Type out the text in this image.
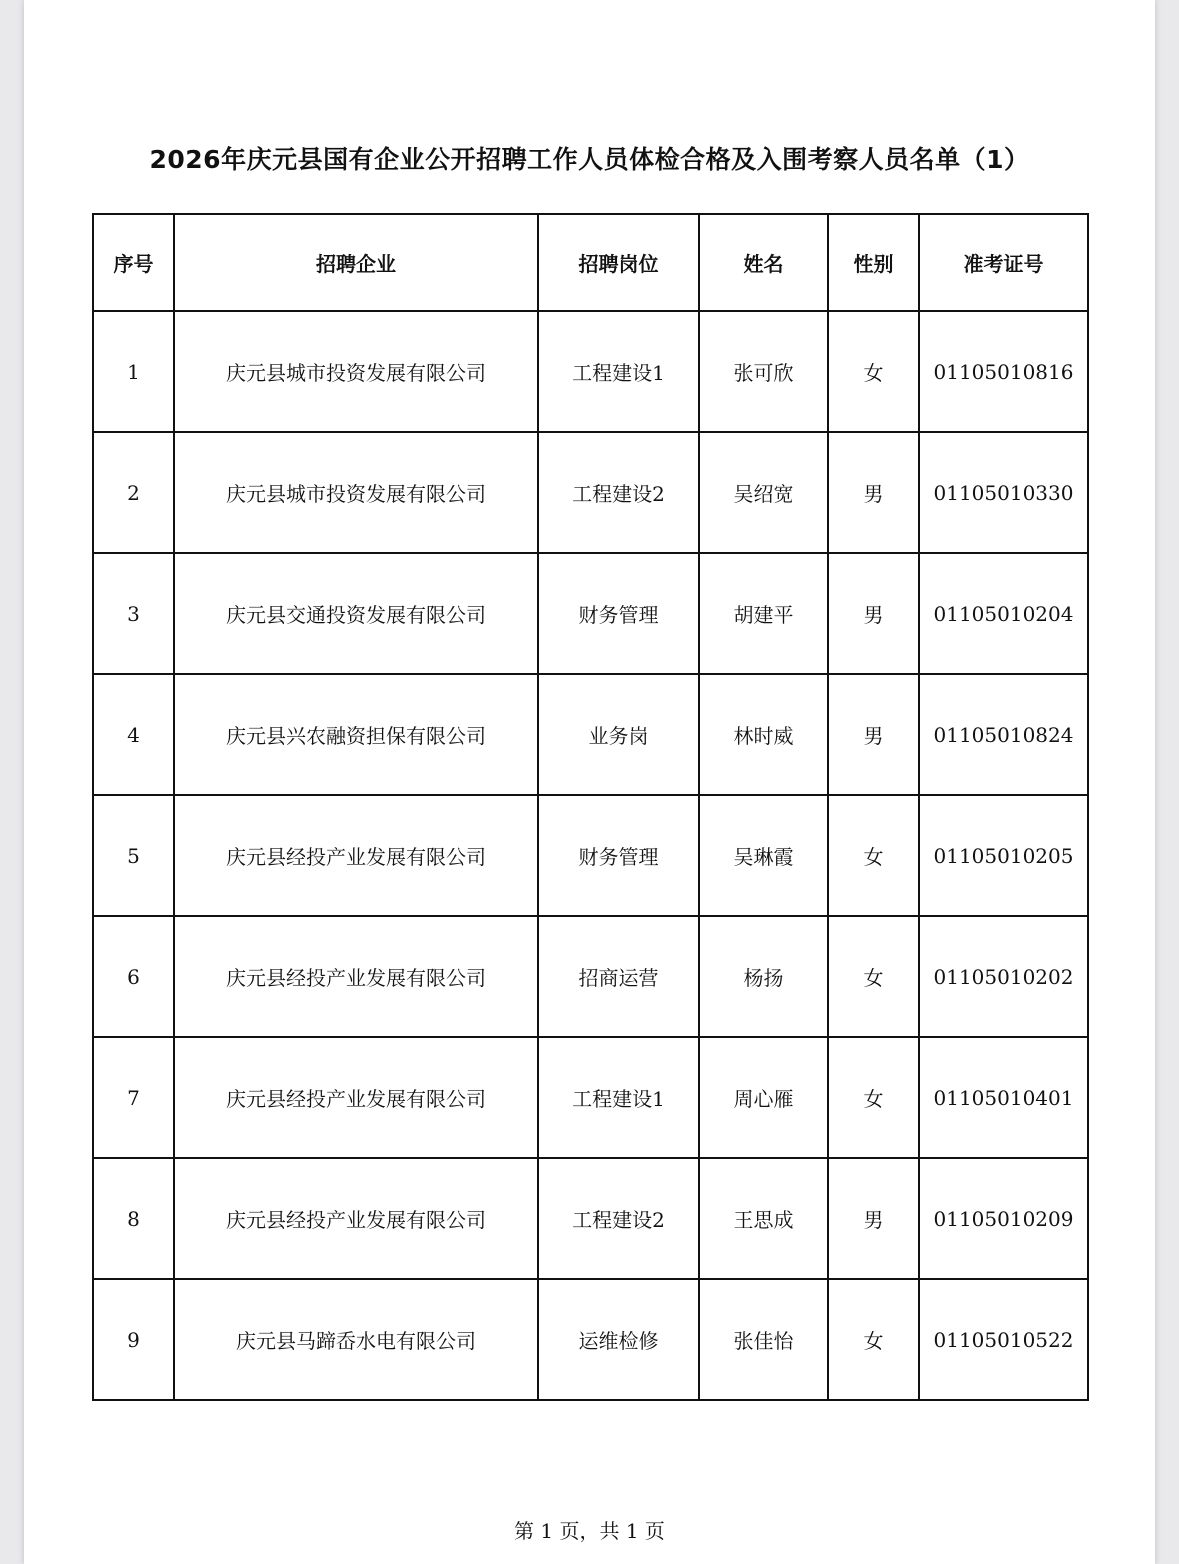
2026年庆元县国有企业公开招聘工作人员体检合格及入围考察人员名单（1）
序号	招聘企业	招聘岗位	姓名	性别	准考证号
1	庆元县城市投资发展有限公司	工程建设1	张可欣	女	01105010816
2	庆元县城市投资发展有限公司	工程建设2	吴绍宽	男	01105010330
3	庆元县交通投资发展有限公司	财务管理	胡建平	男	01105010204
4	庆元县兴农融资担保有限公司	业务岗	林时威	男	01105010824
5	庆元县经投产业发展有限公司	财务管理	吴琳霞	女	01105010205
6	庆元县经投产业发展有限公司	招商运营	杨扬	女	01105010202
7	庆元县经投产业发展有限公司	工程建设1	周心雁	女	01105010401
8	庆元县经投产业发展有限公司	工程建设2	王思成	男	01105010209
9	庆元县马蹄岙水电有限公司	运维检修	张佳怡	女	01105010522
第 1 页，共 1 页
